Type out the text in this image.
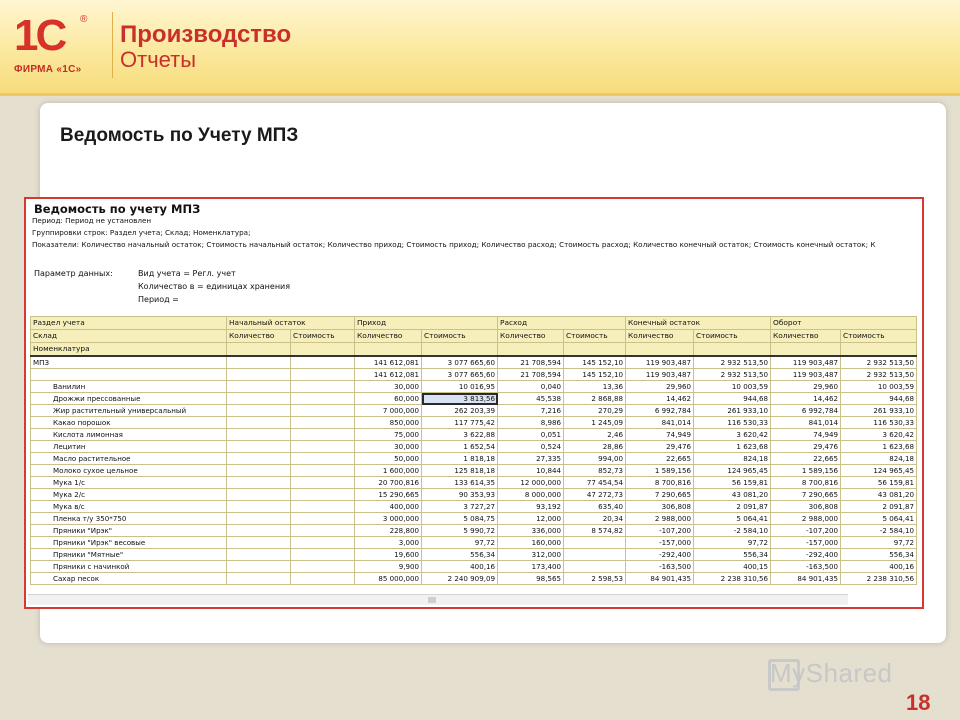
1С ®
ФИРМА «1С»
Производство
Отчеты
Ведомость по Учету МПЗ
Ведомость по учету МПЗ
Период: Период не установлен
Группировки строк: Раздел учета; Склад; Номенклатура;
Показатели: Количество начальный остаток; Стоимость начальный остаток; Количество приход; Стоимость приход; Количество расход; Стоимость расход; Количество конечный остаток; Стоимость конечный остаток; К
Параметр данных:	Вид учета = Регл. учет
Количество в = единицах хранения
Период =
Раздел учета	Начальный остаток		Приход		Расход		Конечный остаток		Оборот	
Склад	Количество	Стоимость	Количество	Стоимость	Количество	Стоимость	Количество	Стоимость	Количество	Стоимость
Номенклатура										
МПЗ			141 612,081	3 077 665,60	21 708,594	145 152,10	119 903,487	2 932 513,50	119 903,487	2 932 513,50
			141 612,081	3 077 665,60	21 708,594	145 152,10	119 903,487	2 932 513,50	119 903,487	2 932 513,50
Ванилин			30,000	10 016,95	0,040	13,36	29,960	10 003,59	29,960	10 003,59
Дрожжи прессованные			60,000	3 813,56	45,538	2 868,88	14,462	944,68	14,462	944,68
Жир растительный универсальный			7 000,000	262 203,39	7,216	270,29	6 992,784	261 933,10	6 992,784	261 933,10
Какао порошок			850,000	117 775,42	8,986	1 245,09	841,014	116 530,33	841,014	116 530,33
Кислота лимонная			75,000	3 622,88	0,051	2,46	74,949	3 620,42	74,949	3 620,42
Лецитин			30,000	1 652,54	0,524	28,86	29,476	1 623,68	29,476	1 623,68
Масло растительное			50,000	1 818,18	27,335	994,00	22,665	824,18	22,665	824,18
Молоко сухое цельное			1 600,000	125 818,18	10,844	852,73	1 589,156	124 965,45	1 589,156	124 965,45
Мука 1/с			20 700,816	133 614,35	12 000,000	77 454,54	8 700,816	56 159,81	8 700,816	56 159,81
Мука 2/с			15 290,665	90 353,93	8 000,000	47 272,73	7 290,665	43 081,20	7 290,665	43 081,20
Мука в/с			400,000	3 727,27	93,192	635,40	306,808	2 091,87	306,808	2 091,87
Пленка т/у 350*750			3 000,000	5 084,75	12,000	20,34	2 988,000	5 064,41	2 988,000	5 064,41
Пряники "Ирэк"			228,800	5 990,72	336,000	8 574,82	-107,200	-2 584,10	-107,200	-2 584,10
Пряники "Ирэк" весовые			3,000	97,72	160,000		-157,000	97,72	-157,000	97,72
Пряники "Мятные"			19,600	556,34	312,000		-292,400	556,34	-292,400	556,34
Пряники с начинкой			9,900	400,16	173,400		-163,500	400,15	-163,500	400,16
Сахар песок			85 000,000	2 240 909,09	98,565	2 598,53	84 901,435	2 238 310,56	84 901,435	2 238 310,56
MyShared
18
